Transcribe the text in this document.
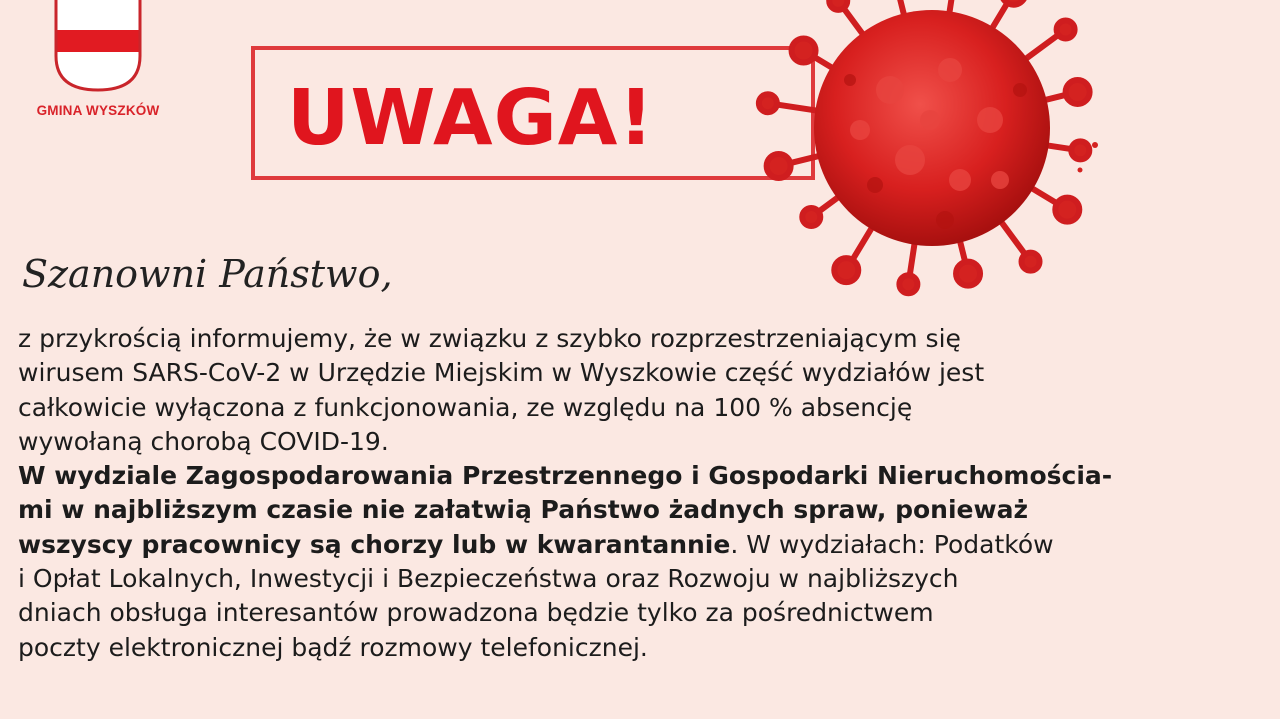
GMINA WYSZKÓW UWAGA!
Szanowni Państwo,
z przykrością informujemy, że w związku z szybko rozprzestrzeniającym się
wirusem SARS-CoV-2 w Urzędzie Miejskim w Wyszkowie część wydziałów jest
całkowicie wyłączona z funkcjonowania, ze względu na 100 % absencję
wywołaną chorobą COVID-19.
W wydziale Zagospodarowania Przestrzennego i Gospodarki Nieruchomościa-
mi w najbliższym czasie nie załatwią Państwo żadnych spraw, ponieważ
wszyscy pracownicy są chorzy lub w kwarantannie. W wydziałach: Podatków
i Opłat Lokalnych, Inwestycji i Bezpieczeństwa oraz Rozwoju w najbliższych
dniach obsługa interesantów prowadzona będzie tylko za pośrednictwem
poczty elektronicznej bądź rozmowy telefonicznej.
